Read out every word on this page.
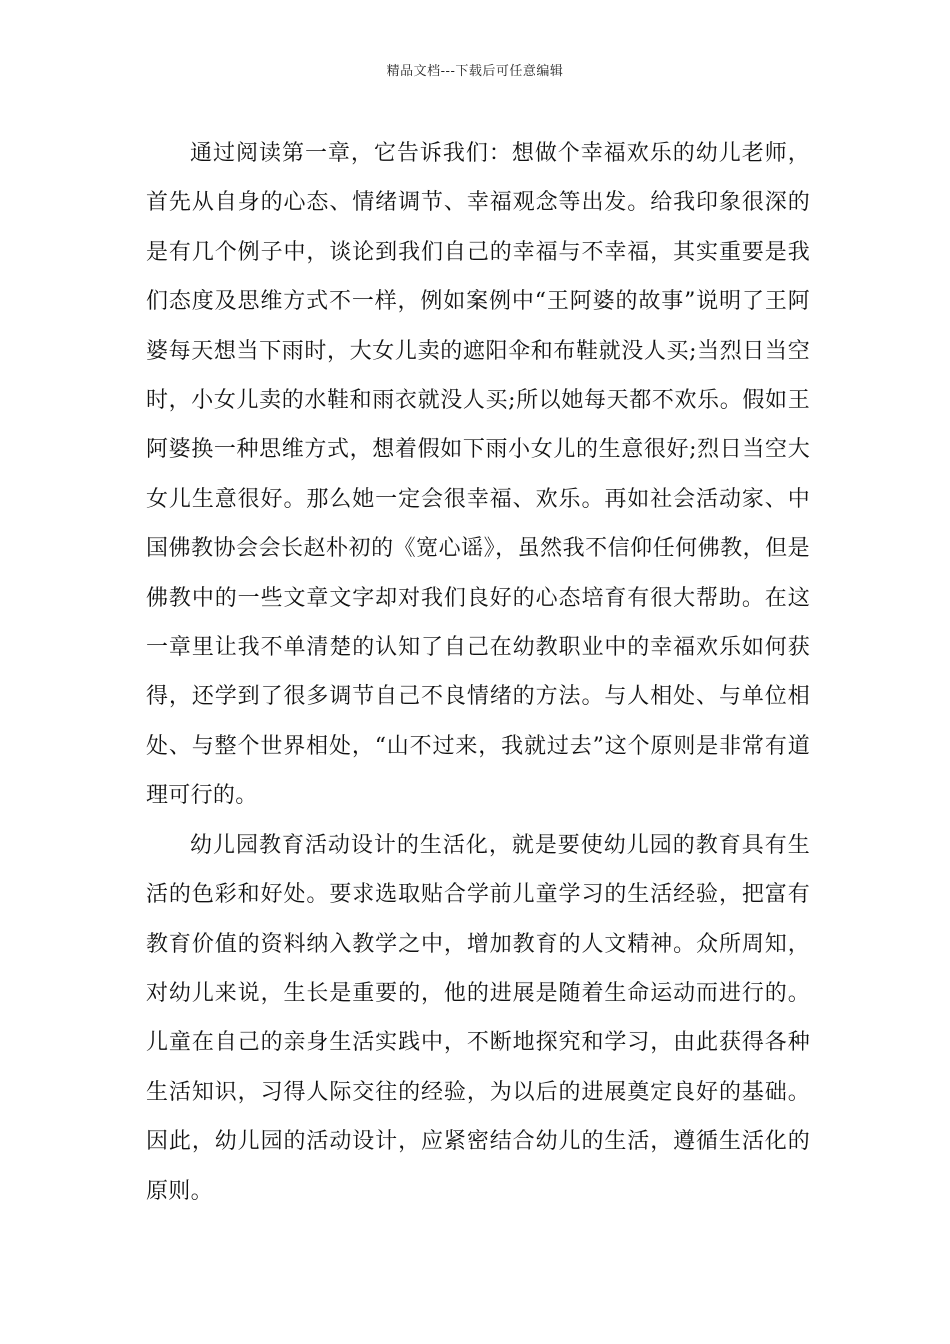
精品文档---下载后可任意编辑

通过阅读第一章，它告诉我们：想做个幸福欢乐的幼儿老师，首先从自身的心态、情绪调节、幸福观念等出发。给我印象很深的是有几个例子中，谈论到我们自己的幸福与不幸福，其实重要是我们态度及思维方式不一样，例如案例中“王阿婆的故事”说明了王阿婆每天想当下雨时，大女儿卖的遮阳伞和布鞋就没人买;当烈日当空时，小女儿卖的水鞋和雨衣就没人买;所以她每天都不欢乐。假如王阿婆换一种思维方式，想着假如下雨小女儿的生意很好;烈日当空大女儿生意很好。那么她一定会很幸福、欢乐。再如社会活动家、中国佛教协会会长赵朴初的《宽心谣》，虽然我不信仰任何佛教，但是佛教中的一些文章文字却对我们良好的心态培育有很大帮助。在这一章里让我不单清楚的认知了自己在幼教职业中的幸福欢乐如何获得，还学到了很多调节自己不良情绪的方法。与人相处、与单位相处、与整个世界相处，“山不过来，我就过去”这个原则是非常有道理可行的。

幼儿园教育活动设计的生活化，就是要使幼儿园的教育具有生活的色彩和好处。要求选取贴合学前儿童学习的生活经验，把富有教育价值的资料纳入教学之中，增加教育的人文精神。众所周知，对幼儿来说，生长是重要的，他的进展是随着生命运动而进行的。儿童在自己的亲身生活实践中，不断地探究和学习，由此获得各种生活知识，习得人际交往的经验，为以后的进展奠定良好的基础。因此，幼儿园的活动设计，应紧密结合幼儿的生活，遵循生活化的原则。
